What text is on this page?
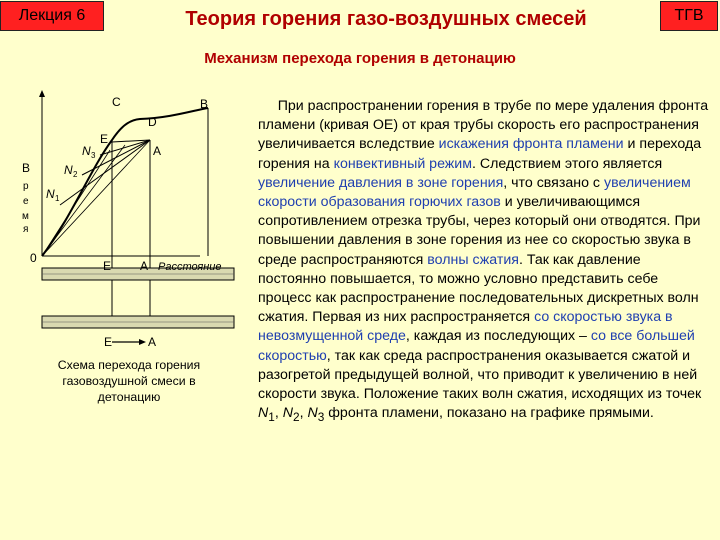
Лекция 6	Теория горения газо-воздушных смесей	ТГВ
Механизм перехода горения в детонацию
C	B
D
E
A
N 3
N 2
N 1
0
E A Расстояние
E	A
В
р
е
м
я
Схема перехода горения газовоздушной смеси в детонацию
При распространении горения в трубе по мере удаления фронта пламени (кривая OE) от края трубы скорость его распространения увеличивается вследствие искажения фронта пламени и перехода горения на конвективный режим. Следствием этого является увеличение давления в зоне горения, что связано с увеличением скорости образования горючих газов и увеличивающимся сопротивлением отрезка трубы, через который они отводятся. При повышении давления в зоне горения из нее со скоростью звука в среде распространяются волны сжатия. Так как давление постоянно повышается, то можно условно представить себе процесс как распространение последовательных дискретных волн сжатия. Первая из них распространяется со скоростью звука в невозмущенной среде, каждая из последующих – со все большей скоростью, так как среда распространения оказывается сжатой и разогретой предыдущей волной, что приводит к увеличению в ней скорости звука. Положение таких волн сжатия, исходящих из точек $N_1$, $N_2$, $N_3$ фронта пламени, показано на графике прямыми.
